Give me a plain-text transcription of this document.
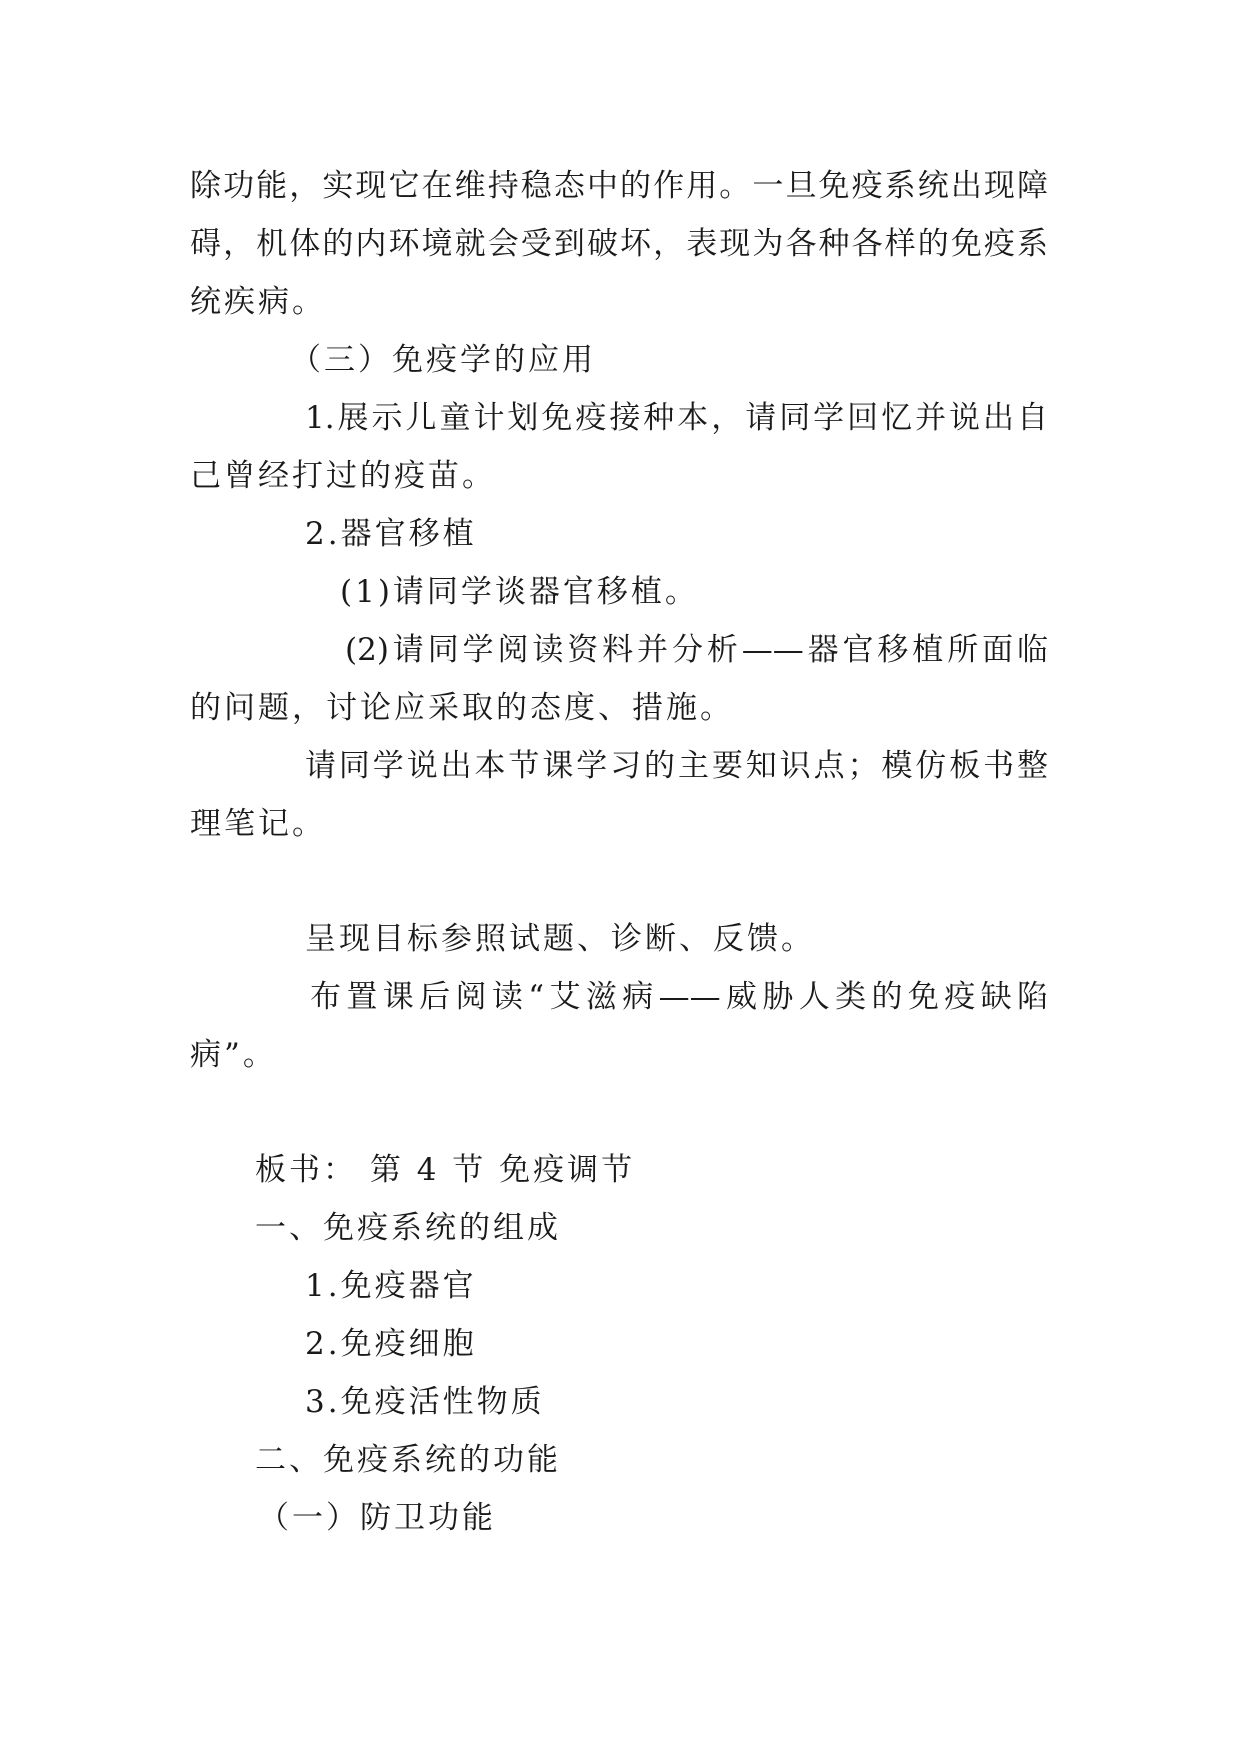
除功能，实现它在维持稳态中的作用。一旦免疫系统出现障
碍，机体的内环境就会受到破坏，表现为各种各样的免疫系
统疾病。
（三）免疫学的应用
1.展示儿童计划免疫接种本，请同学回忆并说出自
己曾经打过的疫苗。
2.器官移植
(1)请同学谈器官移植。
(2)请同学阅读资料并分析——器官移植所面临
的问题，讨论应采取的态度、措施。
请同学说出本节课学习的主要知识点；模仿板书整
理笔记。
呈现目标参照试题、诊断、反馈。
布置课后阅读“艾滋病——威胁人类的免疫缺陷
病”。
板书： 第 4 节 免疫调节
一、免疫系统的组成
1.免疫器官
2.免疫细胞
3.免疫活性物质
二、免疫系统的功能
（一）防卫功能
